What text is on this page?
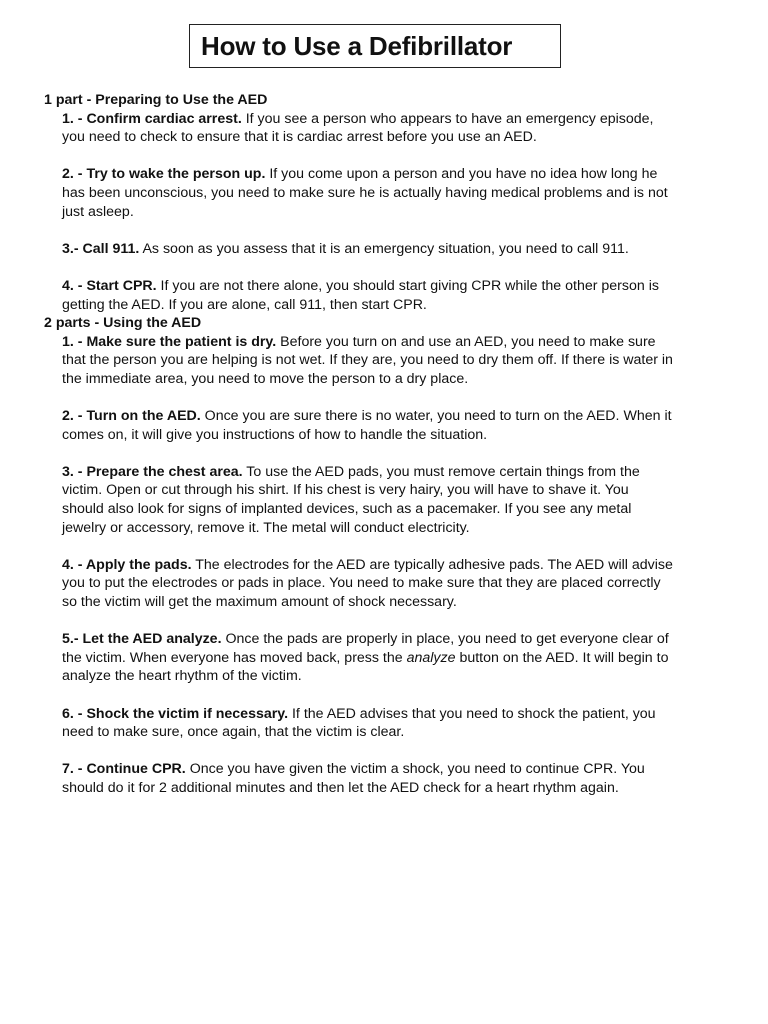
How to Use a Defibrillator

1 part - Preparing to Use the AED

1. - Confirm cardiac arrest. If you see a person who appears to have an emergency episode, you need to check to ensure that it is cardiac arrest before you use an AED.

2. - Try to wake the person up. If you come upon a person and you have no idea how long he has been unconscious, you need to make sure he is actually having medical problems and is not just asleep.

3.- Call 911. As soon as you assess that it is an emergency situation, you need to call 911.

4. - Start CPR. If you are not there alone, you should start giving CPR while the other person is getting the AED. If you are alone, call 911, then start CPR.

2 parts - Using the AED

1. - Make sure the patient is dry. Before you turn on and use an AED, you need to make sure that the person you are helping is not wet. If they are, you need to dry them off. If there is water in the immediate area, you need to move the person to a dry place.

2. - Turn on the AED. Once you are sure there is no water, you need to turn on the AED. When it comes on, it will give you instructions of how to handle the situation.

3. - Prepare the chest area. To use the AED pads, you must remove certain things from the victim. Open or cut through his shirt. If his chest is very hairy, you will have to shave it. You should also look for signs of implanted devices, such as a pacemaker. If you see any metal jewelry or accessory, remove it. The metal will conduct electricity.

4. - Apply the pads. The electrodes for the AED are typically adhesive pads. The AED will advise you to put the electrodes or pads in place. You need to make sure that they are placed correctly so the victim will get the maximum amount of shock necessary.

5.- Let the AED analyze. Once the pads are properly in place, you need to get everyone clear of the victim. When everyone has moved back, press the analyze button on the AED. It will begin to analyze the heart rhythm of the victim.

6. - Shock the victim if necessary. If the AED advises that you need to shock the patient, you need to make sure, once again, that the victim is clear.

7. - Continue CPR. Once you have given the victim a shock, you need to continue CPR. You should do it for 2 additional minutes and then let the AED check for a heart rhythm again.
